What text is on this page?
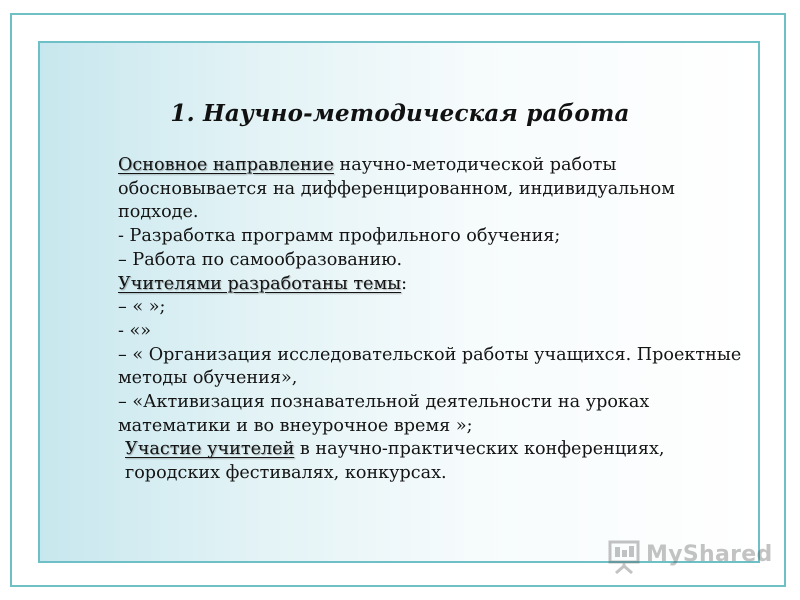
1. Научно-методическая работа

Основное направление научно-методической работы обосновывается на дифференцированном, индивидуальном подходе.

- Разработка программ профильного обучения;

– Работа по самообразованию.

Учителями разработаны темы:

– « »;

- «»

– « Организация исследовательской работы учащихся. Проектные методы обучения»,

– «Активизация познавательной деятельности на уроках математики и во внеурочное время »;

Участие учителей в научно-практических конференциях, городских фестивалях, конкурсах.

MyShared
